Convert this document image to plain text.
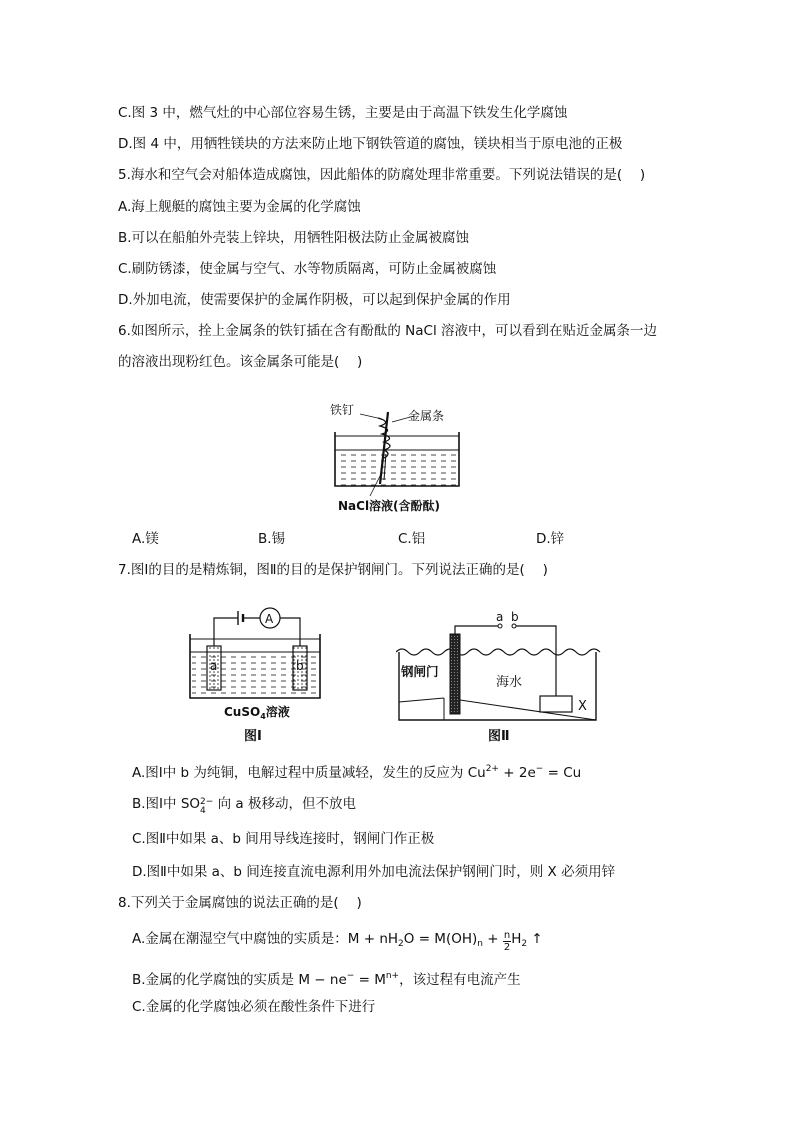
C.图 3 中，燃气灶的中心部位容易生锈，主要是由于高温下铁发生化学腐蚀
D.图 4 中，用牺牲镁块的方法来防止地下钢铁管道的腐蚀，镁块相当于原电池的正极
5.海水和空气会对船体造成腐蚀，因此船体的防腐处理非常重要。下列说法错误的是(　 )
A.海上舰艇的腐蚀主要为金属的化学腐蚀
B.可以在船舶外壳装上锌块，用牺牲阳极法防止金属被腐蚀
C.刷防锈漆，使金属与空气、水等物质隔离，可防止金属被腐蚀
D.外加电流，使需要保护的金属作阴极，可以起到保护金属的作用
6.如图所示，拴上金属条的铁钉插在含有酚酞的 NaCl 溶液中，可以看到在贴近金属条一边
的溶液出现粉红色。该金属条可能是(　 )
铁钉	金属条
NaCl溶液(含酚酞)
A.镁	B.锡	C.铝	D.锌
7.图Ⅰ的目的是精炼铜，图Ⅱ的目的是保护钢闸门。下列说法正确的是(　 )
A
a	b
CuSO$_4$溶液
图Ⅰ
a b
X
钢闸门
海水
图Ⅱ
A.图Ⅰ中 b 为纯铜，电解过程中质量减轻，发生的反应为 $Cu^{2+} + 2e^- = Cu$
B.图Ⅰ中 SO 2−
4 向 a 极移动，但不放电
C.图Ⅱ中如果 a、b 间用导线连接时，钢闸门作正极
D.图Ⅱ中如果 a、b 间连接直流电源利用外加电流法保护钢闸门时，则 X 必须用锌
8.下列关于金属腐蚀的说法正确的是(　 )
A.金属在潮湿空气中腐蚀的实质是：$M + nH_2O = M(OH)_n + \frac{n}{2} H_2$ ↑
B.金属的化学腐蚀的实质是 $M - ne^- = M^{n+}$，该过程有电流产生
C.金属的化学腐蚀必须在酸性条件下进行
